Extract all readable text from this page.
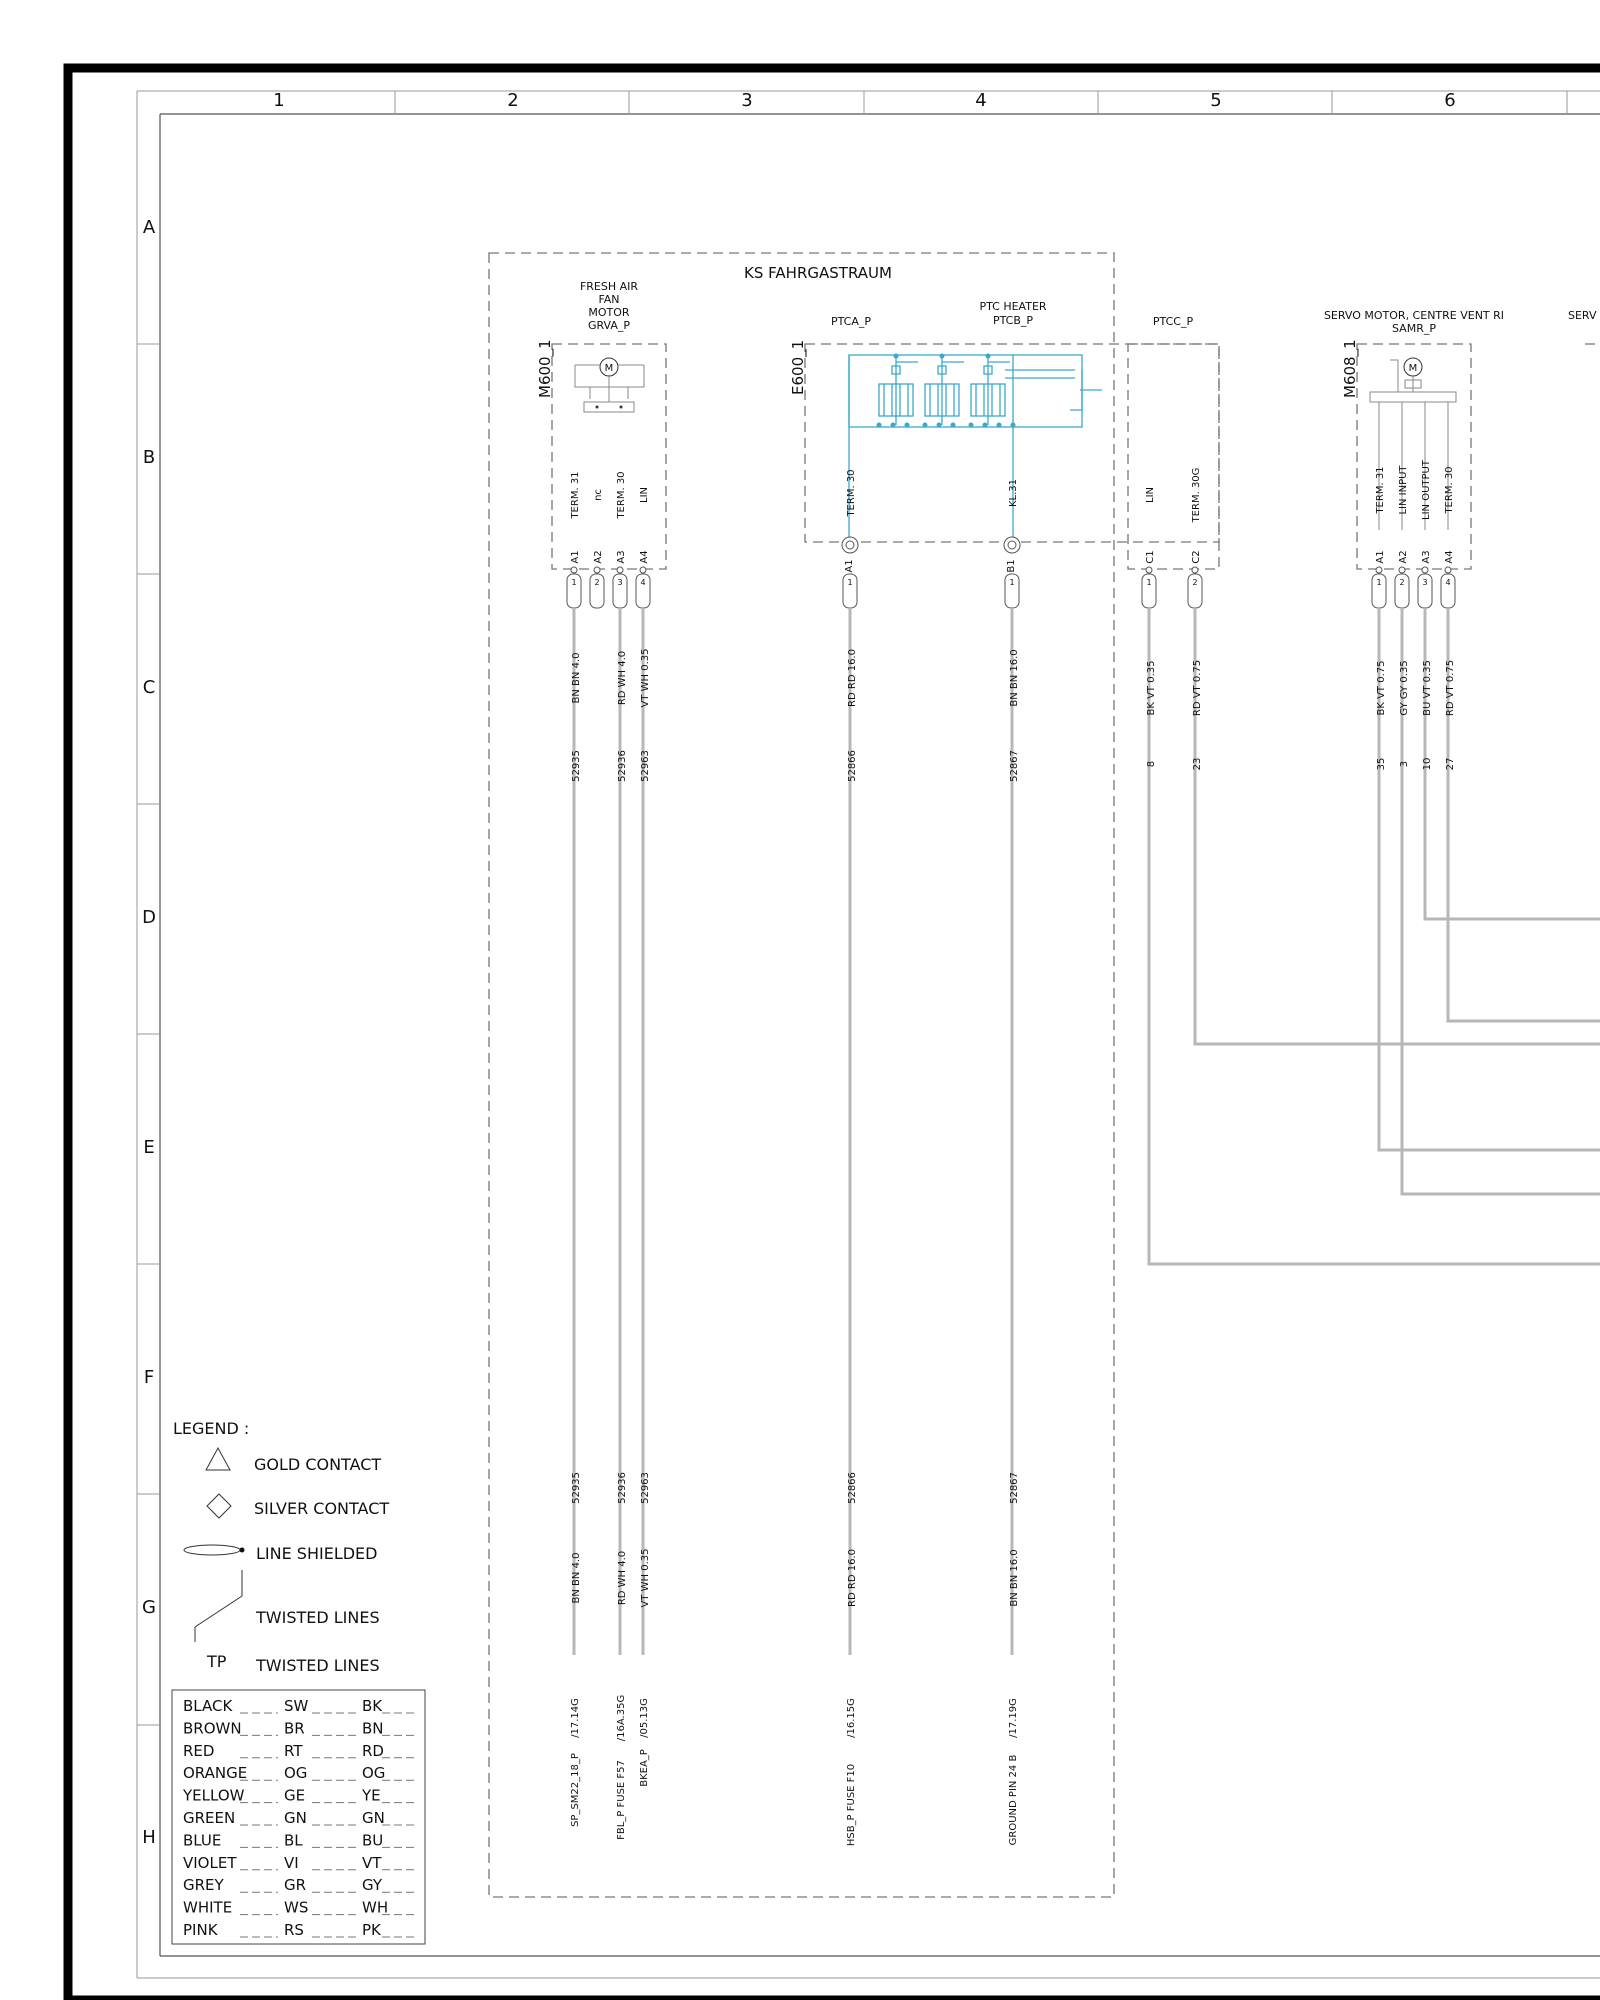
1	2	3	4	5	6
A
B
C
D
E
F
G
H
KS FAHRGASTRAUM
FRESH AIR
FAN
MOTOR
GRVA_P
M600_1	M
PTCA_P
PTC HEATER
PTCB_P
E600_1
PTCC_P	SERVO MOTOR, CENTRE VENT RI
SAMR_P
M608_1	M
SERV
TERM. 31
A1
1
nc
A2
2
TERM. 30
A3
3
LIN
A4
4
TERM. 30
A1
1
KL.31
B1
1
LIN
C1
1
TERM. 30G
C2
2
TERM. 31
A1
1
LIN INPUT
A2
2
LIN OUTPUT
A3
3
TERM. 30
A4
4
BN BN 4.0
52935
52935
BN BN 4.0
/17.14G
RD WH 4.0
52936
52936
RD WH 4.0
/16A.35G
VT WH 0.35
52963
52963
VT WH 0.35
/05.13G
RD RD 16.0
52866
52866
RD RD 16.0
/16.15G
BN BN 16.0
52867
52867
BN BN 16.0
/17.19G
SP_SM22_18_P	FBL_P FUSE F57 BKEA_P	HSB_P FUSE F10	GROUND PIN 24 B
BK VT 0.35
8
RD VT 0.75
23
BK VT 0.75
35
GY GY 0.35
3
BU VT 0.35
10
RD VT 0.75
27
LEGEND :
GOLD CONTACT
SILVER CONTACT
LINE SHIELDED
TWISTED LINES
TP TWISTED LINES
BLACK	SW	BK
BROWN	BR	BN
RED	RT	RD
ORANGE OG	OG
YELLOW	GE	YE
GREEN	GN	GN
BLUE	BL	BU
VIOLET	VI	VT
GREY	GR	GY
WHITE	WS	WH
PINK	RS	PK
